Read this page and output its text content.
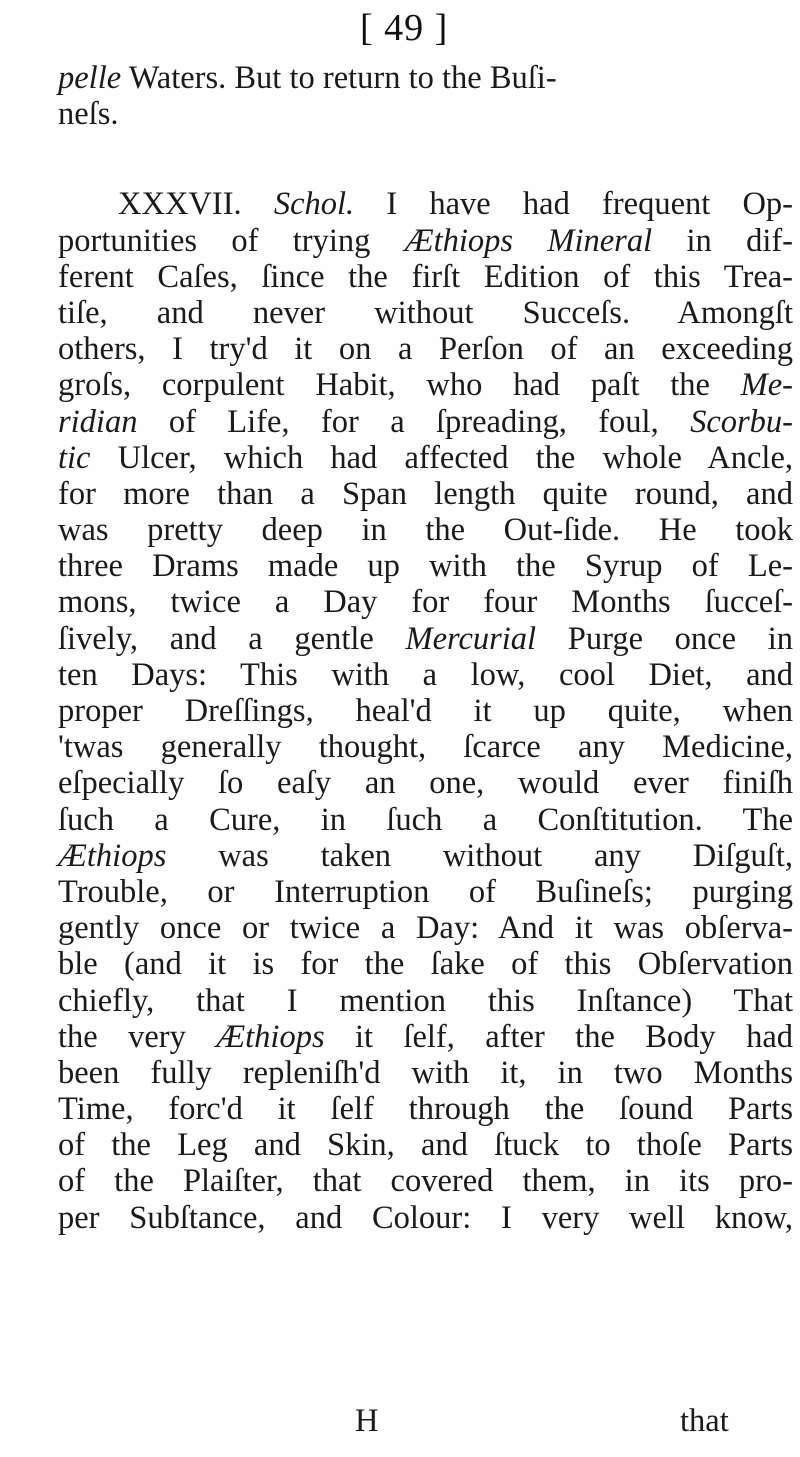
[ 49 ]
pelle Waters. But to return to the Buſi-
neſs.
XXXVII. Schol. I have had frequent Op-
portunities of trying Æthiops Mineral in dif-
ferent Caſes, ſince the firſt Edition of this Trea-
tiſe, and never without Succeſs. Amongſt
others, I try'd it on a Perſon of an exceeding
groſs, corpulent Habit, who had paſt the Me-
ridian of Life, for a ſpreading, foul, Scorbu-
tic Ulcer, which had affected the whole Ancle,
for more than a Span length quite round, and
was pretty deep in the Out-ſide. He took
three Drams made up with the Syrup of Le-
mons, twice a Day for four Months ſucceſ-
ſively, and a gentle Mercurial Purge once in
ten Days: This with a low, cool Diet, and
proper Dreſſings, heal'd it up quite, when
'twas generally thought, ſcarce any Medicine,
eſpecially ſo eaſy an one, would ever finiſh
ſuch a Cure, in ſuch a Conſtitution. The
Æthiops was taken without any Diſguſt,
Trouble, or Interruption of Buſineſs; purging
gently once or twice a Day: And it was obſerva-
ble (and it is for the ſake of this Obſervation
chiefly, that I mention this Inſtance) That
the very Æthiops it ſelf, after the Body had
been fully repleniſh'd with it, in two Months
Time, forc'd it ſelf through the ſound Parts
of the Leg and Skin, and ſtuck to thoſe Parts
of the Plaiſter, that covered them, in its pro-
per Subſtance, and Colour: I very well know,
H	that
